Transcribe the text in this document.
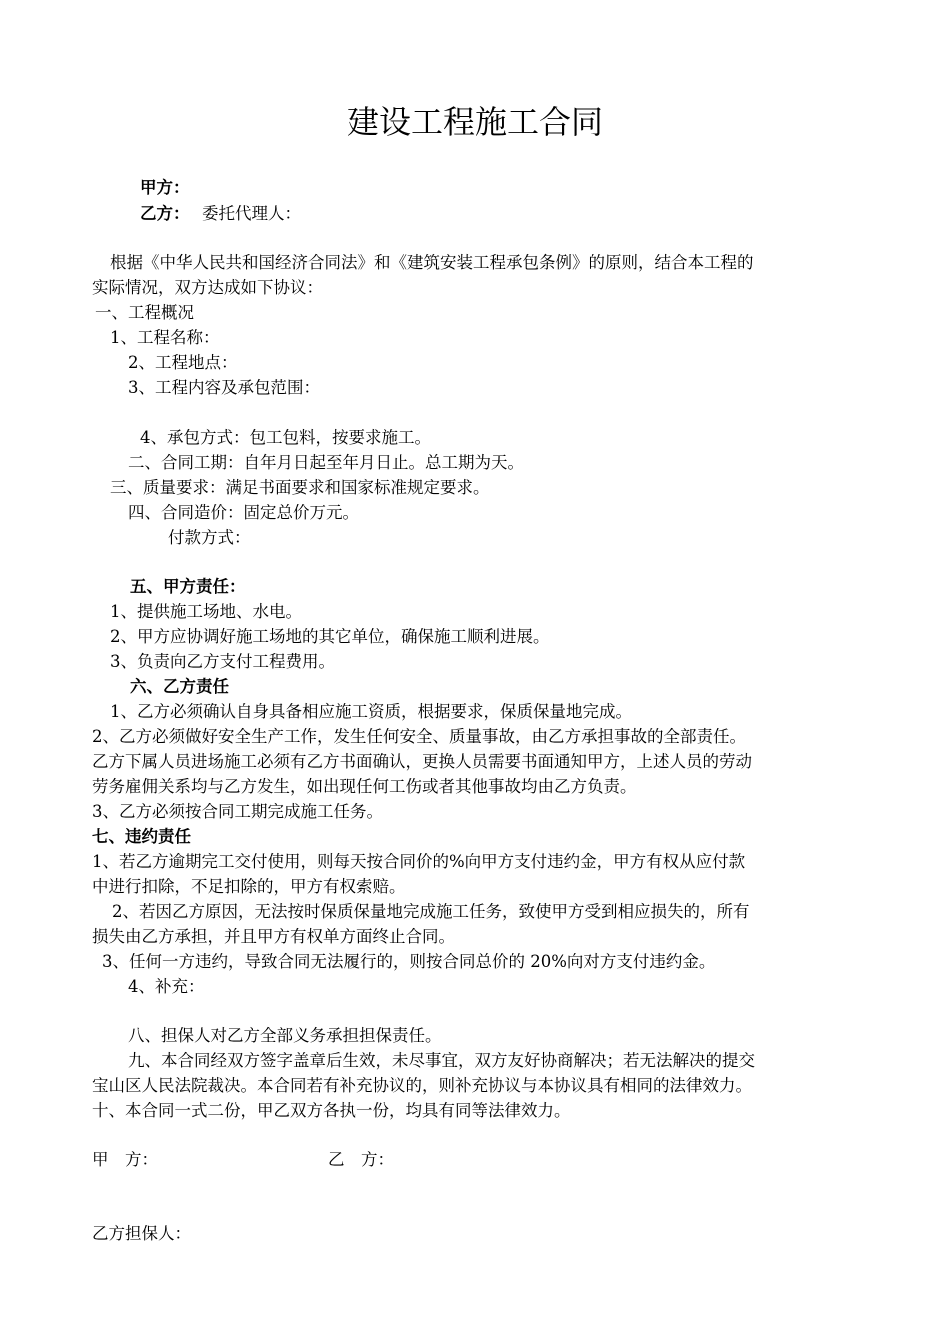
建设工程施工合同
甲方：
乙方： 委托代理人：
根据《中华人民共和国经济合同法》和《建筑安装工程承包条例》的原则，结合本工程的
实际情况，双方达成如下协议：
一、工程概况
1、工程名称：
2、工程地点：
3、工程内容及承包范围：
4、承包方式：包工包料，按要求施工。
二、合同工期：自年月日起至年月日止。总工期为天。
三、质量要求：满足书面要求和国家标准规定要求。
四、合同造价：固定总价万元。
付款方式：
五、甲方责任：
1、提供施工场地、水电。
2、甲方应协调好施工场地的其它单位，确保施工顺利进展。
3、负责向乙方支付工程费用。
六、乙方责任
1、乙方必须确认自身具备相应施工资质，根据要求，保质保量地完成。
2、乙方必须做好安全生产工作，发生任何安全、质量事故，由乙方承担事故的全部责任。
乙方下属人员进场施工必须有乙方书面确认，更换人员需要书面通知甲方，上述人员的劳动
劳务雇佣关系均与乙方发生，如出现任何工伤或者其他事故均由乙方负责。
3、乙方必须按合同工期完成施工任务。
七、违约责任
1、若乙方逾期完工交付使用，则每天按合同价的%向甲方支付违约金，甲方有权从应付款
中进行扣除，不足扣除的，甲方有权索赔。
2、若因乙方原因，无法按时保质保量地完成施工任务，致使甲方受到相应损失的，所有
损失由乙方承担，并且甲方有权单方面终止合同。
3、任何一方违约，导致合同无法履行的，则按合同总价的 20%向对方支付违约金。
4、补充：
八、担保人对乙方全部义务承担担保责任。
九、本合同经双方签字盖章后生效，未尽事宜，双方友好协商解决；若无法解决的提交
宝山区人民法院裁决。本合同若有补充协议的，则补充协议与本协议具有相同的法律效力。
十、本合同一式二份，甲乙双方各执一份，均具有同等法律效力。
甲　方：	乙　方：
乙方担保人：
